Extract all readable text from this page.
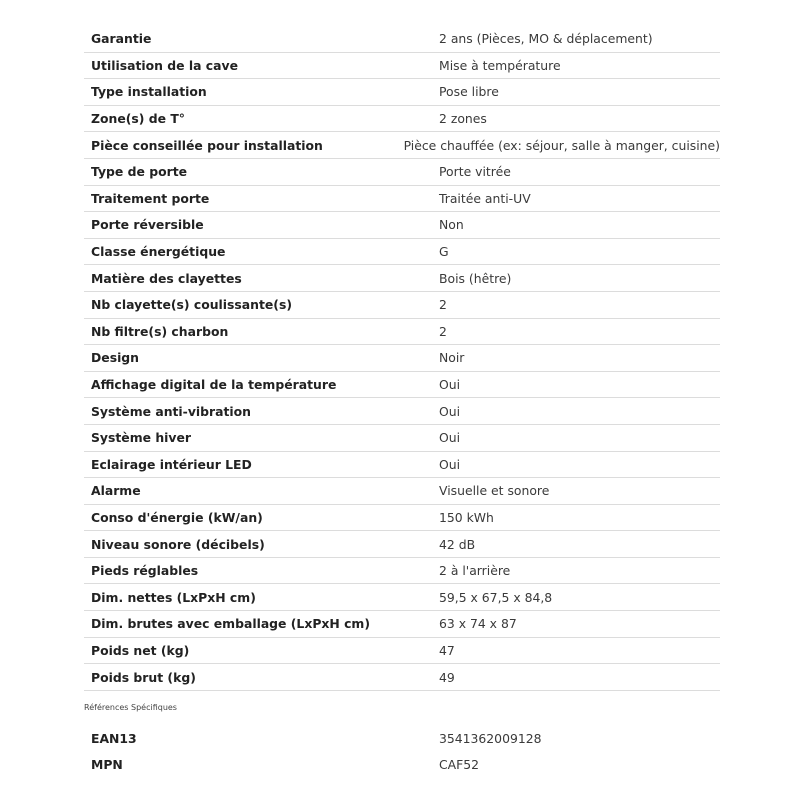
Garantie	2 ans (Pièces, MO & déplacement)
Utilisation de la cave	Mise à température
Type installation	Pose libre
Zone(s) de T°	2 zones
Pièce conseillée pour installation	Pièce chauffée (ex: séjour, salle à manger, cuisine)
Type de porte	Porte vitrée
Traitement porte	Traitée anti-UV
Porte réversible	Non
Classe énergétique	G
Matière des clayettes	Bois (hêtre)
Nb clayette(s) coulissante(s)	2
Nb filtre(s) charbon	2
Design	Noir
Affichage digital de la température	Oui
Système anti-vibration	Oui
Système hiver	Oui
Eclairage intérieur LED	Oui
Alarme	Visuelle et sonore
Conso d'énergie (kW/an)	150 kWh
Niveau sonore (décibels)	42 dB
Pieds réglables	2 à l'arrière
Dim. nettes (LxPxH cm)	59,5 x 67,5 x 84,8
Dim. brutes avec emballage (LxPxH cm)	63 x 74 x 87
Poids net (kg)	47
Poids brut (kg)	49
Références Spécifiques
EAN13	3541362009128
MPN	CAF52
